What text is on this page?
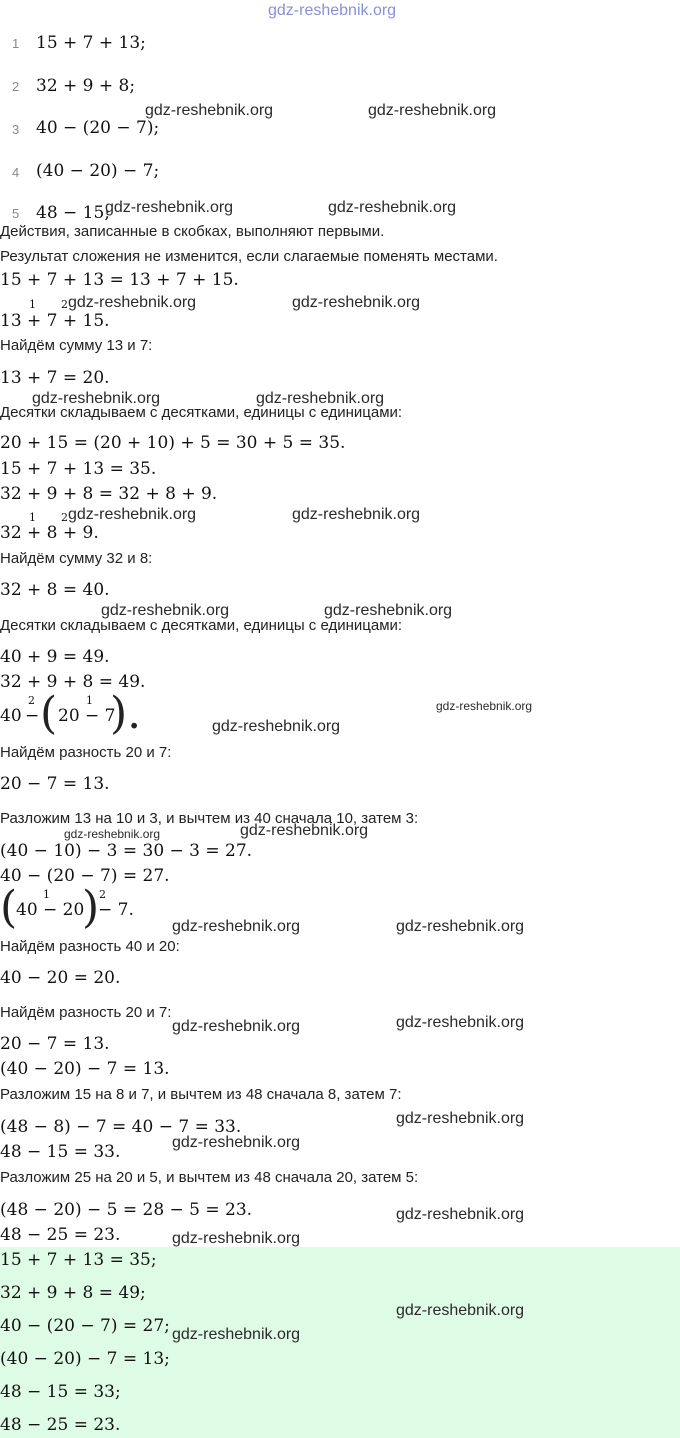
gdz-reshebnik.org
1 15 + 7 + 13;
2 32 + 9 + 8;
3 40 − (20 − 7);
4 (40 − 20) − 7;
5 48 − 15;
Действия, записанные в скобках, выполняют первыми.
Результат сложения не изменится, если слагаемые поменять местами.
15 + 7 + 13 = 13 + 7 + 15.
1 2
13 + 7 + 15.
Найдём сумму 13 и 7:
13 + 7 = 20.
Десятки складываем с десятками, единицы с единицами:
20 + 15 = (20 + 10) + 5 = 30 + 5 = 35.
15 + 7 + 13 = 35.
32 + 9 + 8 = 32 + 8 + 9.
1 2
32 + 8 + 9.
Найдём сумму 32 и 8:
32 + 8 = 40.
Десятки складываем с десятками, единицы с единицами:
40 + 9 = 49.
32 + 9 + 8 = 49.
40 −
2 ( 20 − 7
1 ).
Найдём разность 20 и 7:
20 − 7 = 13.
Разложим 13 на 10 и 3, и вычтем из 40 сначала 10, затем 3:
(40 − 10) − 3 = 30 − 3 = 27.
40 − (20 − 7) = 27.
(
40 − 20
1 )
− 7.
2
Найдём разность 40 и 20:
40 − 20 = 20.
Найдём разность 20 и 7:
20 − 7 = 13.
(40 − 20) − 7 = 13.
Разложим 15 на 8 и 7, и вычтем из 48 сначала 8, затем 7:
(48 − 8) − 7 = 40 − 7 = 33.
48 − 15 = 33.
Разложим 25 на 20 и 5, и вычтем из 48 сначала 20, затем 5:
(48 − 20) − 5 = 28 − 5 = 23.
48 − 25 = 23.
15 + 7 + 13 = 35;
32 + 9 + 8 = 49;
40 − (20 − 7) = 27;
(40 − 20) − 7 = 13;
48 − 15 = 33;
48 − 25 = 23.
gdz-reshebnik.org	gdz-reshebnik.org
gdz-reshebnik.org	gdz-reshebnik.org
gdz-reshebnik.org	gdz-reshebnik.org
gdz-reshebnik.org	gdz-reshebnik.org
gdz-reshebnik.org	gdz-reshebnik.org
gdz-reshebnik.org	gdz-reshebnik.org
gdz-reshebnik.org
gdz-reshebnik.org
gdz-reshebnik.org	gdz-reshebnik.org
gdz-reshebnik.org	gdz-reshebnik.org
gdz-reshebnik.org	gdz-reshebnik.org
gdz-reshebnik.org
gdz-reshebnik.org
gdz-reshebnik.org
gdz-reshebnik.org
gdz-reshebnik.org
gdz-reshebnik.org
